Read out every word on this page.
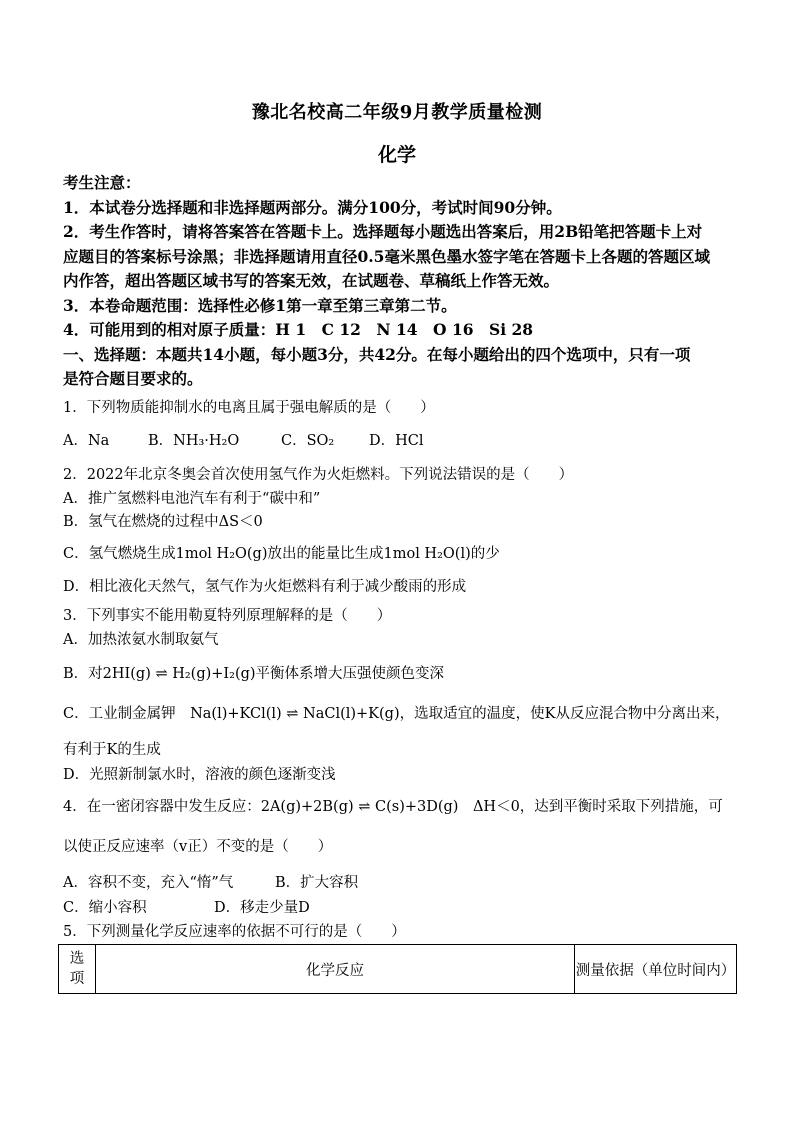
豫北名校高二年级9月教学质量检测
化学

考生注意：

1．本试卷分选择题和非选择题两部分。满分100分，考试时间90分钟。

2．考生作答时，请将答案答在答题卡上。选择题每小题选出答案后，用2B铅笔把答题卡上对

应题目的答案标号涂黑；非选择题请用直径0.5毫米黑色墨水签字笔在答题卡上各题的答题区域

内作答，超出答题区域书写的答案无效，在试题卷、草稿纸上作答无效。

3．本卷命题范围：选择性必修1第一章至第三章第二节。

4．可能用到的相对原子质量：H 1　C 12　N 14　O 16　Si 28

一、选择题：本题共14小题，每小题3分，共42分。在每小题给出的四个选项中，只有一项

是符合题目要求的。

1．下列物质能抑制水的电离且属于强电解质的是（　　）

A．Na	B．NH₃·H₂O	C．SO₂ D．HCl

2．2022年北京冬奥会首次使用氢气作为火炬燃料。下列说法错误的是（　　）

A．推广氢燃料电池汽车有利于“碳中和”

B．氢气在燃烧的过程中ΔS＜0

C．氢气燃烧生成1mol H₂O(g)放出的能量比生成1mol H₂O(l)的少

D．相比液化天然气，氢气作为火炬燃料有利于减少酸雨的形成

3．下列事实不能用勒夏特列原理解释的是（　　）

A．加热浓氨水制取氨气

B．对2HI(g) ⇌ H₂(g)+I₂(g)平衡体系增大压强使颜色变深

C．工业制金属钾　Na(l)+KCl(l) ⇌ NaCl(l)+K(g)，选取适宜的温度，使K从反应混合物中分离出来，

有利于K的生成

D．光照新制氯水时，溶液的颜色逐渐变浅

4．在一密闭容器中发生反应：2A(g)+2B(g) ⇌ C(s)+3D(g)　ΔH＜0，达到平衡时采取下列措施，可

以使正反应速率（v正）不变的是（　　）

A．容积不变，充入“惰”气	B．扩大容积
C．缩小容积	D．移走少量D

5．下列测量化学反应速率的依据不可行的是（　　）

选
项
化学反应	测量依据（单位时间内）
